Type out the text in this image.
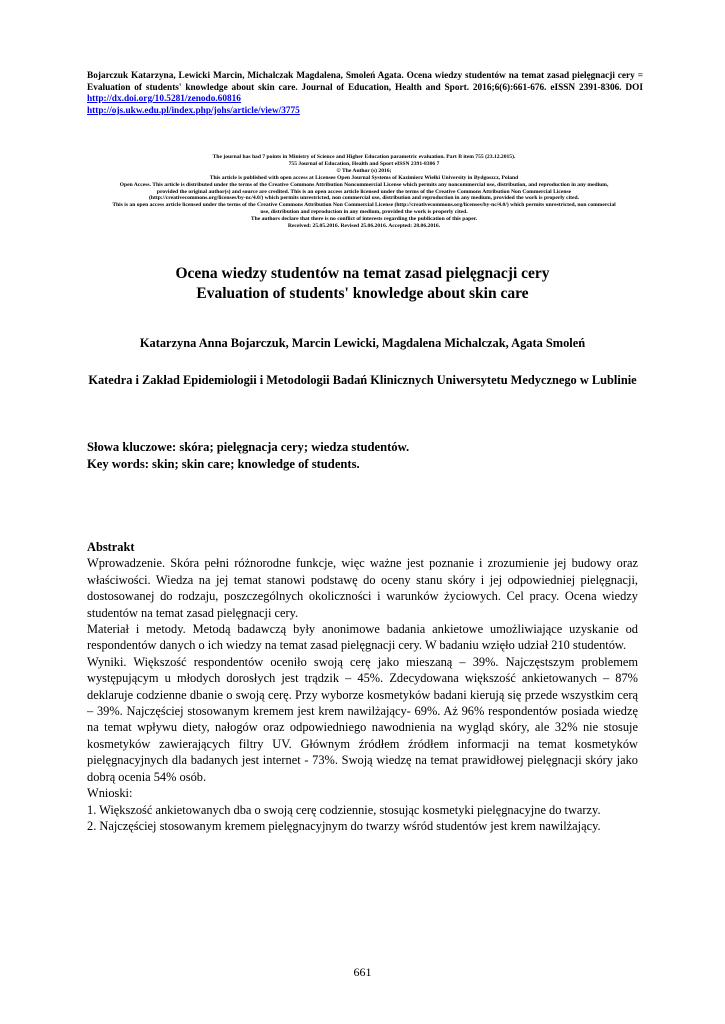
Bojarczuk Katarzyna, Lewicki Marcin, Michalczak Magdalena, Smoleń Agata. Ocena wiedzy studentów na temat zasad pielęgnacji cery = Evaluation of students' knowledge about skin care. Journal of Education, Health and Sport. 2016;6(6):661-676. eISSN 2391-8306. DOI http://dx.doi.org/10.5281/zenodo.60816
http://ojs.ukw.edu.pl/index.php/johs/article/view/3775
The journal has had 7 points in Ministry of Science and Higher Education parametric evaluation. Part B item 755 (23.12.2015).
755 Journal of Education, Health and Sport eISSN 2391-8306 7
© The Author (s) 2016;
This article is published with open access at Licensee Open Journal Systems of Kazimierz Wielki University in Bydgoszcz, Poland
Open Access. This article is distributed under the terms of the Creative Commons Attribution Noncommercial License which permits any noncommercial use, distribution, and reproduction in any medium,
provided the original author(s) and source are credited. This is an open access article licensed under the terms of the Creative Commons Attribution Non Commercial License
(http://creativecommons.org/licenses/by-nc/4.0/) which permits unrestricted, non commercial use, distribution and reproduction in any medium, provided the work is properly cited.
This is an open access article licensed under the terms of the Creative Commons Attribution Non Commercial License (http://creativecommons.org/licenses/by-nc/4.0/) which permits unrestricted, non commercial
use, distribution and reproduction in any medium, provided the work is properly cited.
The authors declare that there is no conflict of interests regarding the publication of this paper.
Received: 25.05.2016. Revised 25.06.2016. Accepted: 28.06.2016.
Ocena wiedzy studentów na temat zasad pielęgnacji cery
Evaluation of students' knowledge about skin care
Katarzyna Anna Bojarczuk, Marcin Lewicki, Magdalena Michalczak, Agata Smoleń
Katedra i Zakład Epidemiologii i Metodologii Badań Klinicznych Uniwersytetu Medycznego w Lublinie
Słowa kluczowe: skóra; pielęgnacja cery; wiedza studentów.
Key words: skin; skin care; knowledge of students.
Abstrakt

Wprowadzenie. Skóra pełni różnorodne funkcje, więc ważne jest poznanie i zrozumienie jej budowy oraz właściwości. Wiedza na jej temat stanowi podstawę do oceny stanu skóry i jej odpowiedniej pielęgnacji, dostosowanej do rodzaju, poszczególnych okoliczności i warunków życiowych. Cel pracy. Ocena wiedzy studentów na temat zasad pielęgnacji cery.

Materiał i metody. Metodą badawczą były anonimowe badania ankietowe umożliwiające uzyskanie od respondentów danych o ich wiedzy na temat zasad pielęgnacji cery. W badaniu wzięło udział 210 studentów.

Wyniki. Większość respondentów oceniło swoją cerę jako mieszaną – 39%. Najczęstszym problemem występującym u młodych dorosłych jest trądzik – 45%. Zdecydowana większość ankietowanych – 87% deklaruje codzienne dbanie o swoją cerę. Przy wyborze kosmetyków badani kierują się przede wszystkim cerą – 39%. Najczęściej stosowanym kremem jest krem nawilżający- 69%. Aż 96% respondentów posiada wiedzę na temat wpływu diety, nałogów oraz odpowiedniego nawodnienia na wygląd skóry, ale 32% nie stosuje kosmetyków zawierających filtry UV. Głównym źródłem źródłem informacji na temat kosmetyków pielęgnacyjnych dla badanych jest internet - 73%. Swoją wiedzę na temat prawidłowej pielęgnacji skóry jako dobrą ocenia 54% osób.

Wnioski:

1. Większość ankietowanych dba o swoją cerę codziennie, stosując kosmetyki pielęgnacyjne do twarzy.

2. Najczęściej stosowanym kremem pielęgnacyjnym do twarzy wśród studentów jest krem nawilżający.

661
